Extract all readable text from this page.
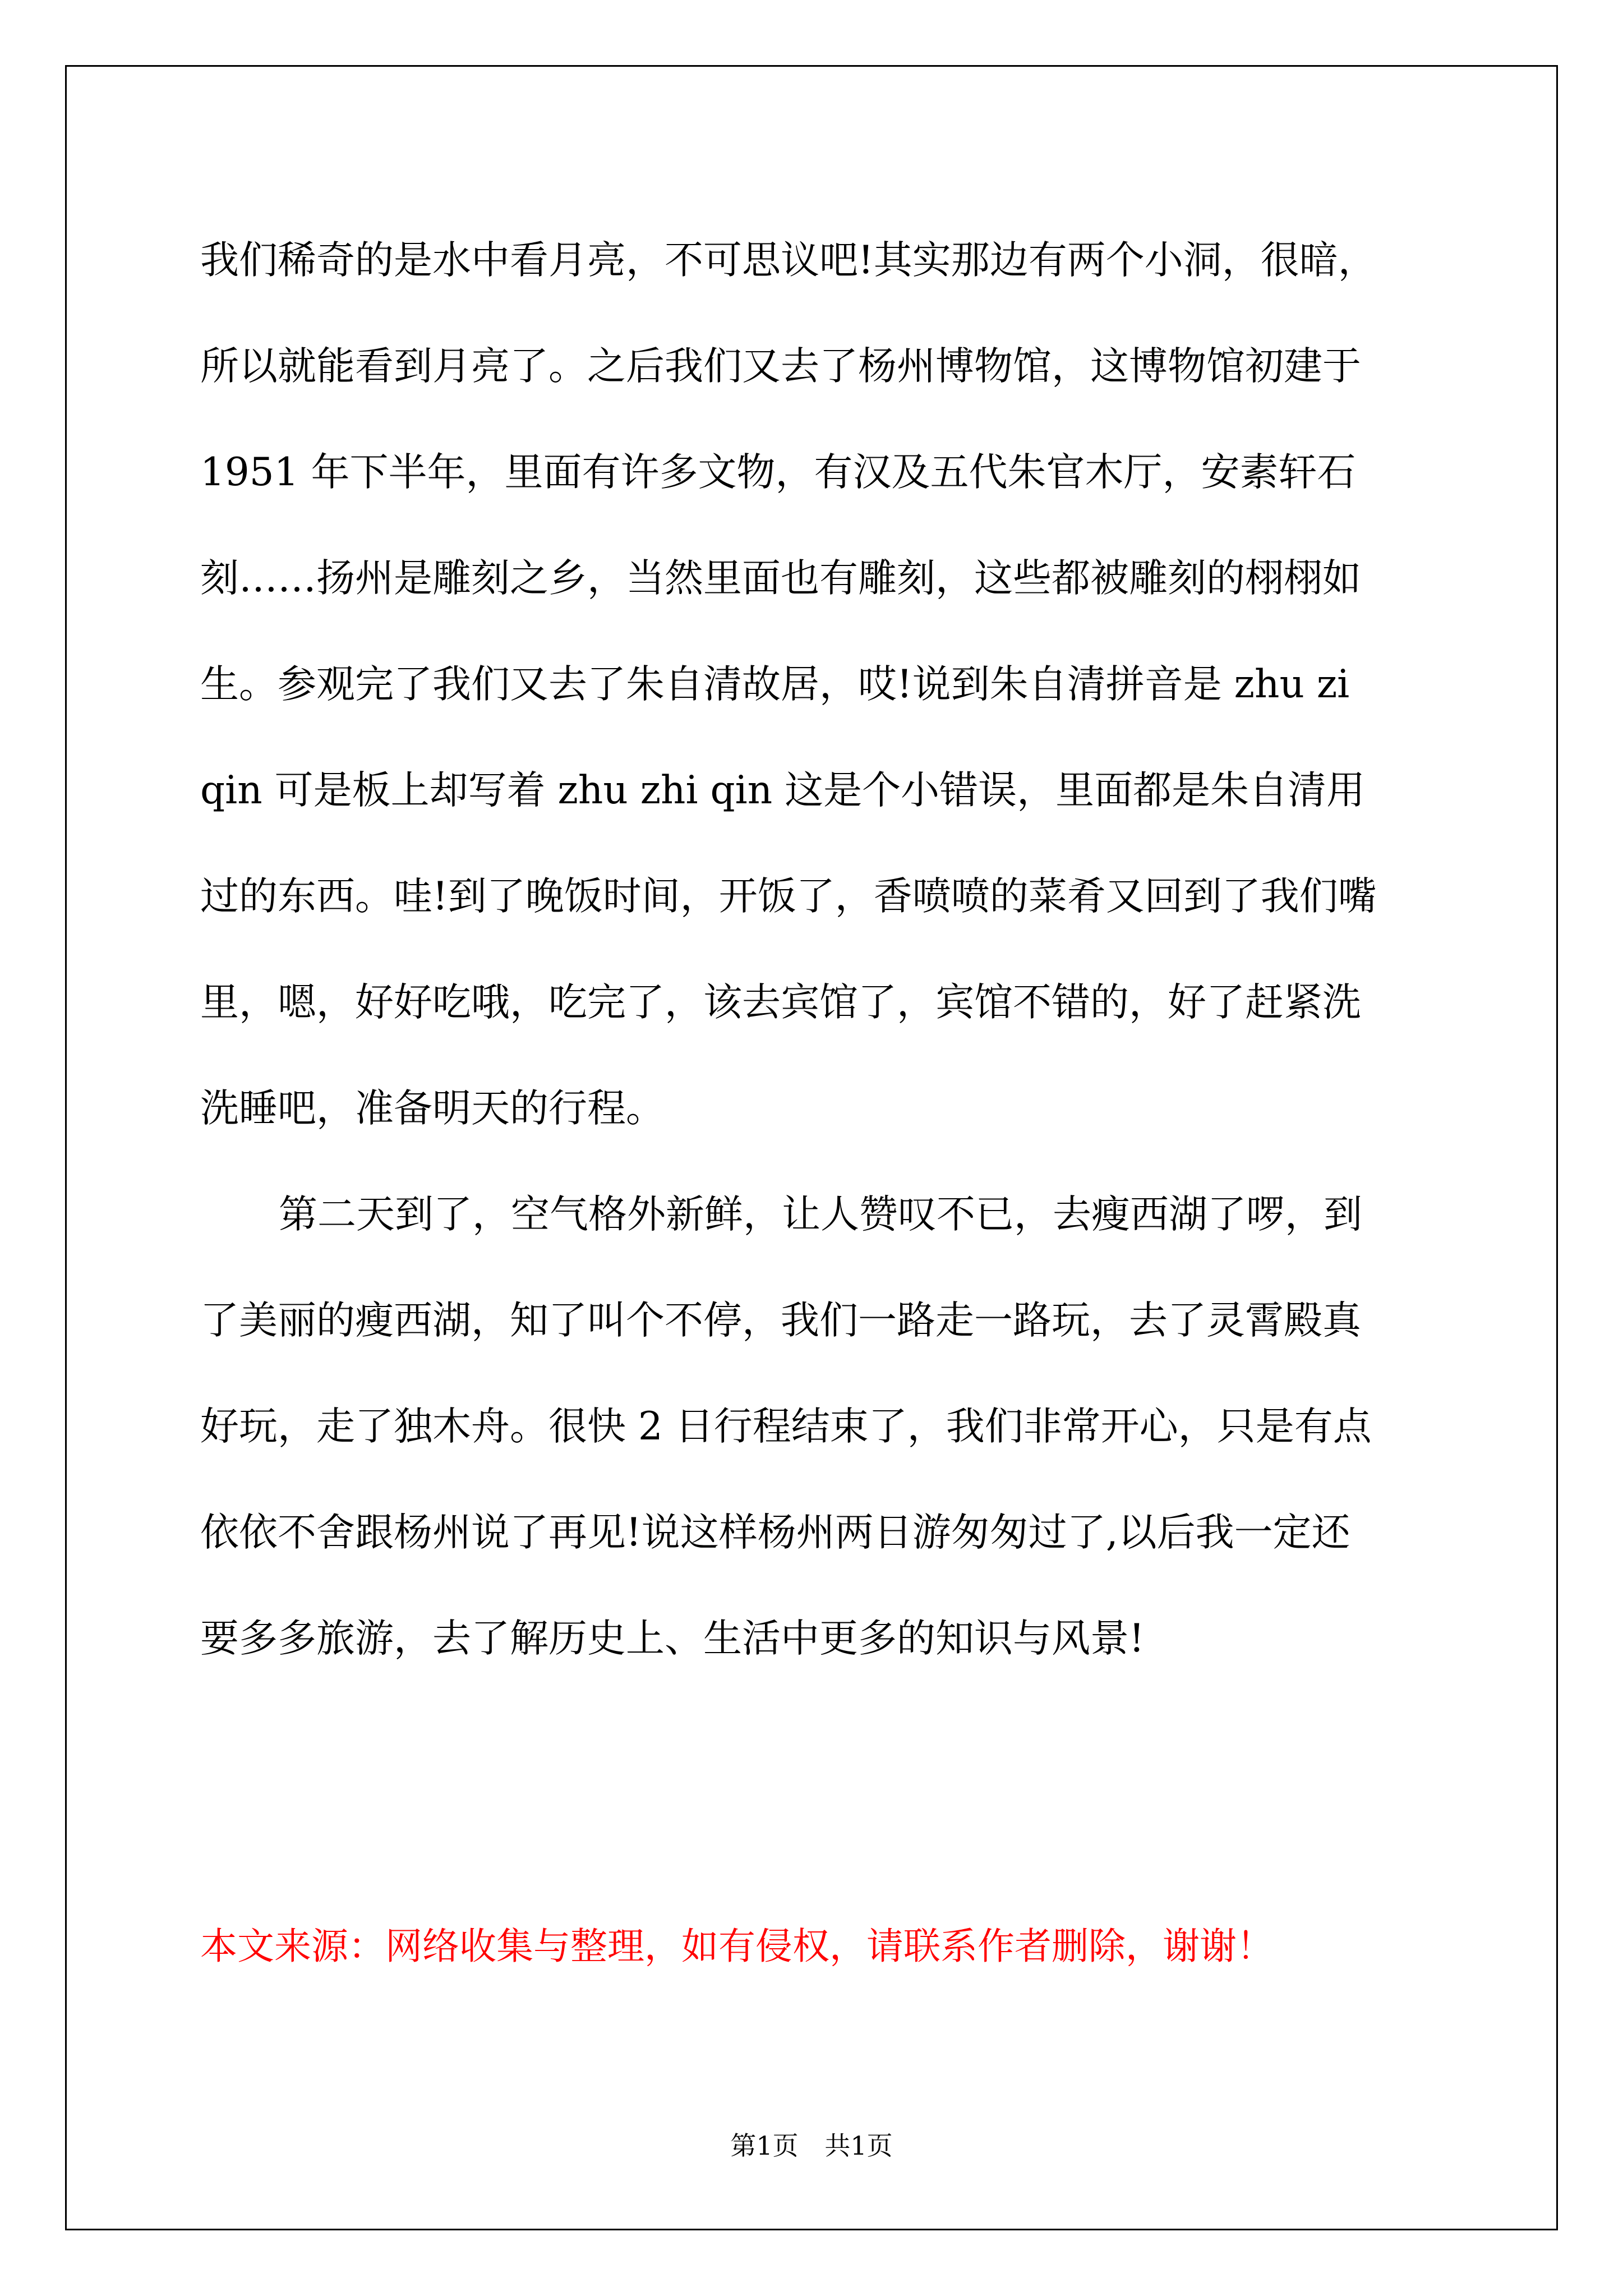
我们稀奇的是水中看月亮，不可思议吧!其实那边有两个小洞，很暗，
所以就能看到月亮了。之后我们又去了杨州博物馆，这博物馆初建于
1951 年下半年，里面有许多文物，有汉及五代朱官木厅，安素轩石
刻……扬州是雕刻之乡，当然里面也有雕刻，这些都被雕刻的栩栩如
生。参观完了我们又去了朱自清故居，哎!说到朱自清拼音是 zhu zi
qin 可是板上却写着 zhu zhi qin 这是个小错误，里面都是朱自清用
过的东西。哇!到了晚饭时间，开饭了，香喷喷的菜肴又回到了我们嘴
里，嗯，好好吃哦，吃完了，该去宾馆了，宾馆不错的，好了赶紧洗
洗睡吧，准备明天的行程。
第二天到了，空气格外新鲜，让人赞叹不已，去瘦西湖了啰，到
了美丽的瘦西湖，知了叫个不停，我们一路走一路玩，去了灵霄殿真
好玩，走了独木舟。很快 2 日行程结束了，我们非常开心，只是有点
依依不舍跟杨州说了再见!说这样杨州两日游匆匆过了,以后我一定还
要多多旅游，去了解历史上、生活中更多的知识与风景!
本文来源：网络收集与整理，如有侵权，请联系作者删除，谢谢！
第1页 共1页
